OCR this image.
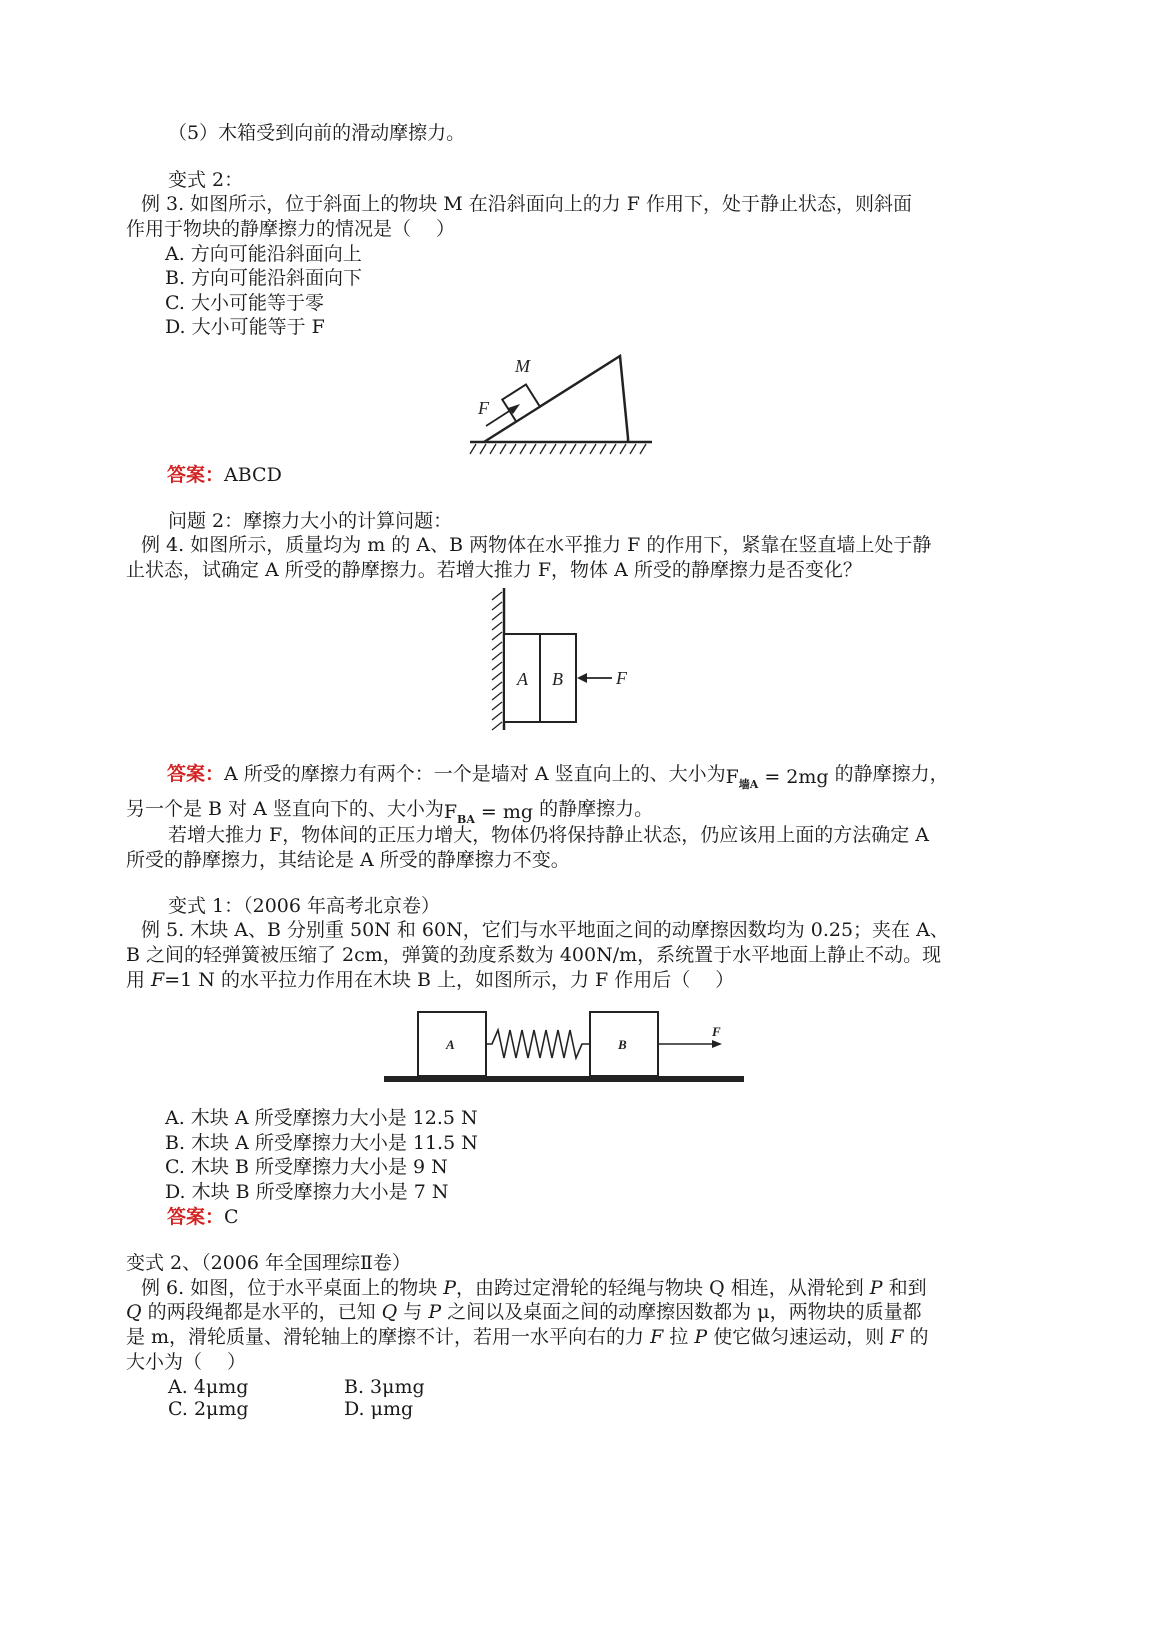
（5）木箱受到向前的滑动摩擦力。
变式 2：
例 3. 如图所示，位于斜面上的物块 M 在沿斜面向上的力 F 作用下，处于静止状态，则斜面
作用于物块的静摩擦力的情况是（　 ）
A. 方向可能沿斜面向上
B. 方向可能沿斜面向下
C. 大小可能等于零
D. 大小可能等于 F
M
F
答案：ABCD
问题 2：摩擦力大小的计算问题：
例 4. 如图所示，质量均为 m 的 A、B 两物体在水平推力 F 的作用下，紧靠在竖直墙上处于静
止状态，试确定 A 所受的静摩擦力。若增大推力 F，物体 A 所受的静摩擦力是否变化？
A B	F
答案：A 所受的摩擦力有两个：一个是墙对 A 竖直向上的、大小为$F_{墙A} = 2mg$ 的静摩擦力，
另一个是 B 对 A 竖直向下的、大小为$F_{BA}$ = mg 的静摩擦力。
若增大推力 F，物体间的正压力增大，物体仍将保持静止状态，仍应该用上面的方法确定 A
所受的静摩擦力，其结论是 A 所受的静摩擦力不变。
变式 1：（2006 年高考北京卷）
例 5. 木块 A、B 分别重 50N 和 60N，它们与水平地面之间的动摩擦因数均为 0.25；夹在 A、
B 之间的轻弹簧被压缩了 2cm，弹簧的劲度系数为 400N/m，系统置于水平地面上静止不动。现
用 F=1 N 的水平拉力作用在木块 B 上，如图所示，力 F 作用后（　 ）
A	B
F
A. 木块 A 所受摩擦力大小是 12.5 N
B. 木块 A 所受摩擦力大小是 11.5 N
C. 木块 B 所受摩擦力大小是 9 N
D. 木块 B 所受摩擦力大小是 7 N
答案：C
变式 2、（2006 年全国理综Ⅱ卷）
例 6. 如图，位于水平桌面上的物块 P，由跨过定滑轮的轻绳与物块 Q 相连，从滑轮到 P 和到
Q 的两段绳都是水平的，已知 Q 与 P 之间以及桌面之间的动摩擦因数都为 μ，两物块的质量都
是 m，滑轮质量、滑轮轴上的摩擦不计，若用一水平向右的力 F 拉 P 使它做匀速运动，则 F 的
大小为（　 ）
A. 4μmg	B. 3μmg
C. 2μmg	D. μmg
